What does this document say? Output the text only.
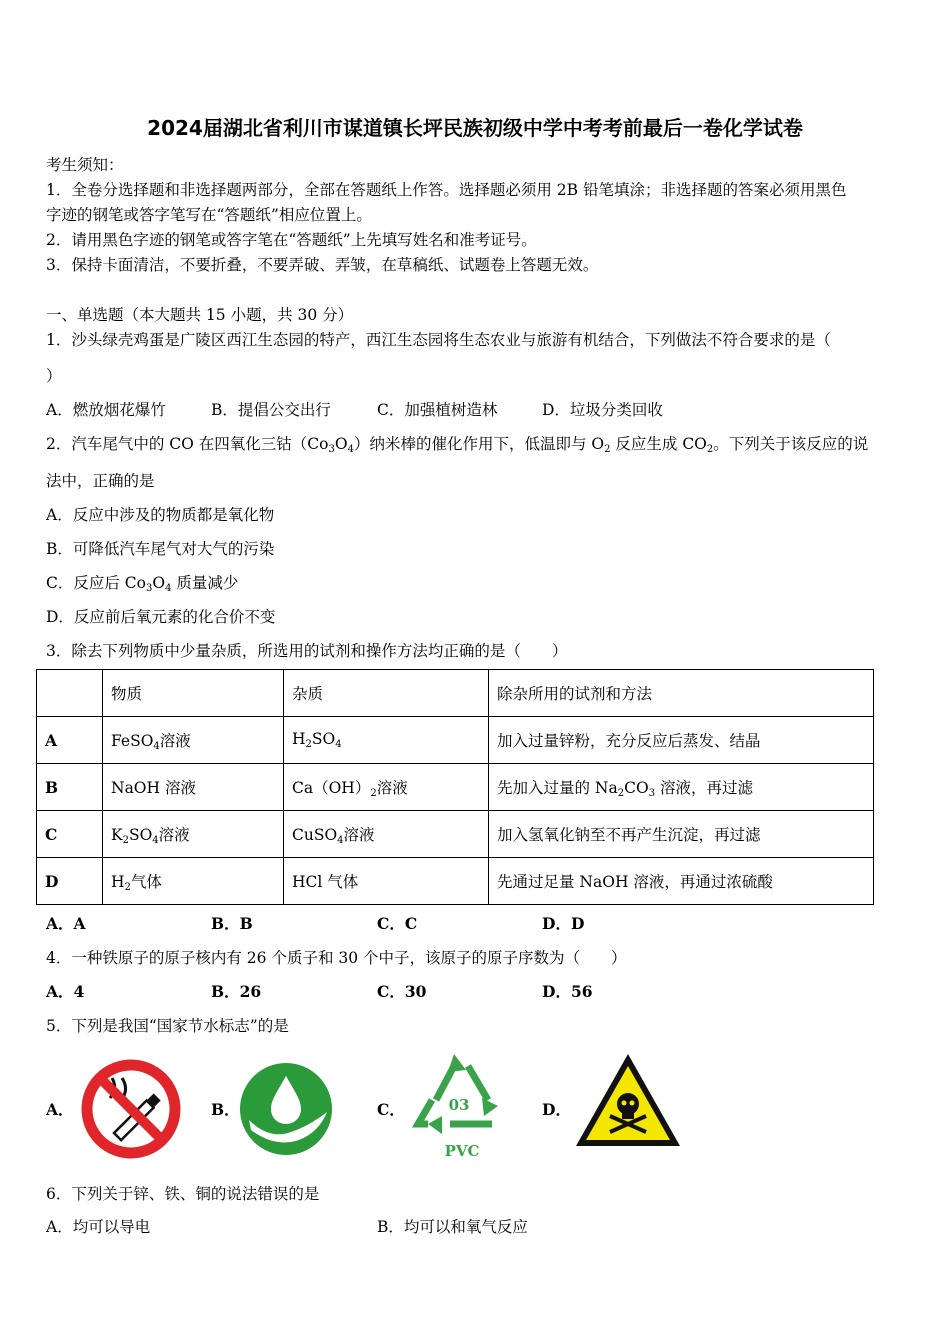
2024届湖北省利川市谋道镇长坪民族初级中学中考考前最后一卷化学试卷
考生须知：
1．全卷分选择题和非选择题两部分，全部在答题纸上作答。选择题必须用 2B 铅笔填涂；非选择题的答案必须用黑色
字迹的钢笔或答字笔写在“答题纸”相应位置上。
2．请用黑色字迹的钢笔或答字笔在“答题纸”上先填写姓名和准考证号。
3．保持卡面清洁，不要折叠，不要弄破、弄皱，在草稿纸、试题卷上答题无效。
一、单选题（本大题共 15 小题，共 30 分）
1．沙头绿壳鸡蛋是广陵区西江生态园的特产，西江生态园将生态农业与旅游有机结合，下列做法不符合要求的是（
）
A．燃放烟花爆竹	B．提倡公交出行	C．加强植树造林	D．垃圾分类回收
2．汽车尾气中的 CO 在四氧化三钴$(Co_3O_4)$纳米棒的催化作用下，低温即与 $O_2$ 反应生成 $CO_2$。下列关于该反应的说
法中，正确的是
A．反应中涉及的物质都是氧化物
B．可降低汽车尾气对大气的污染
C．反应后 $Co_3O_4$ 质量减少
D．反应前后氧元素的化合价不变
3．除去下列物质中少量杂质，所选用的试剂和操作方法均正确的是（　　）
	物质	杂质	除杂所用的试剂和方法
A	FeSO$_4$溶液	$H_2SO_4$	加入过量锌粉，充分反应后蒸发、结晶
B	NaOH 溶液	$Ca(OH)_2$溶液	先加入过量的 $Na_2CO_3$ 溶液，再过滤
C	$K_2SO_4$溶液	CuSO$_4$溶液	加入氢氧化钠至不再产生沉淀，再过滤
D	$H_2$气体	HCl 气体	先通过足量 NaOH 溶液，再通过浓硫酸
A．A	B．B	C．C	D．D
4．一种铁原子的原子核内有 26 个质子和 30 个中子，该原子的原子序数为（　　）
A．4	B．26	C．30	D．56
5．下列是我国“国家节水标志”的是
A．	B．	C．	D．
03
PVC
6．下列关于锌、铁、铜的说法错误的是
A．均可以导电	B．均可以和氧气反应
